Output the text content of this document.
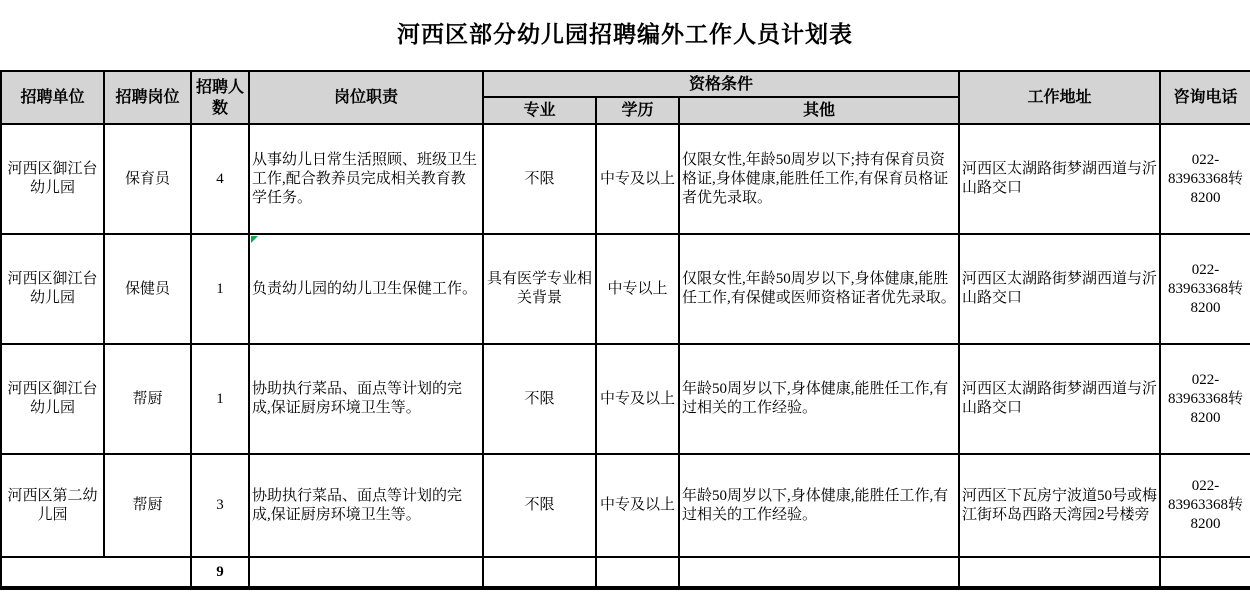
河西区部分幼儿园招聘编外工作人员计划表
招聘单位	招聘岗位	招聘人数	岗位职责	资格条件			工作地址	咨询电话
				专业	学历	其他		
河西区御江台幼儿园	保育员	4	从事幼儿日常生活照顾、班级卫生工作,配合教养员完成相关教育教学任务。	不限	中专及以上	仅限女性,年龄50周岁以下;持有保育员资格证,身体健康,能胜任工作,有保育员格证者优先录取。	河西区太湖路街梦湖西道与沂山路交口	022-83963368转8200
河西区御江台幼儿园	保健员	1	负责幼儿园的幼儿卫生保健工作。	具有医学专业相关背景	中专以上	仅限女性,年龄50周岁以下,身体健康,能胜任工作,有保健或医师资格证者优先录取。	河西区太湖路街梦湖西道与沂山路交口	022-83963368转8200
河西区御江台幼儿园	帮厨	1	协助执行菜品、面点等计划的完成,保证厨房环境卫生等。	不限	中专及以上	年龄50周岁以下,身体健康,能胜任工作,有过相关的工作经验。	河西区太湖路街梦湖西道与沂山路交口	022-83963368转8200
河西区第二幼儿园	帮厨	3	协助执行菜品、面点等计划的完成,保证厨房环境卫生等。	不限	中专及以上	年龄50周岁以下,身体健康,能胜任工作,有过相关的工作经验。	河西区下瓦房宁波道50号或梅江街环岛西路天湾园2号楼旁	022-83963368转8200
		9						
